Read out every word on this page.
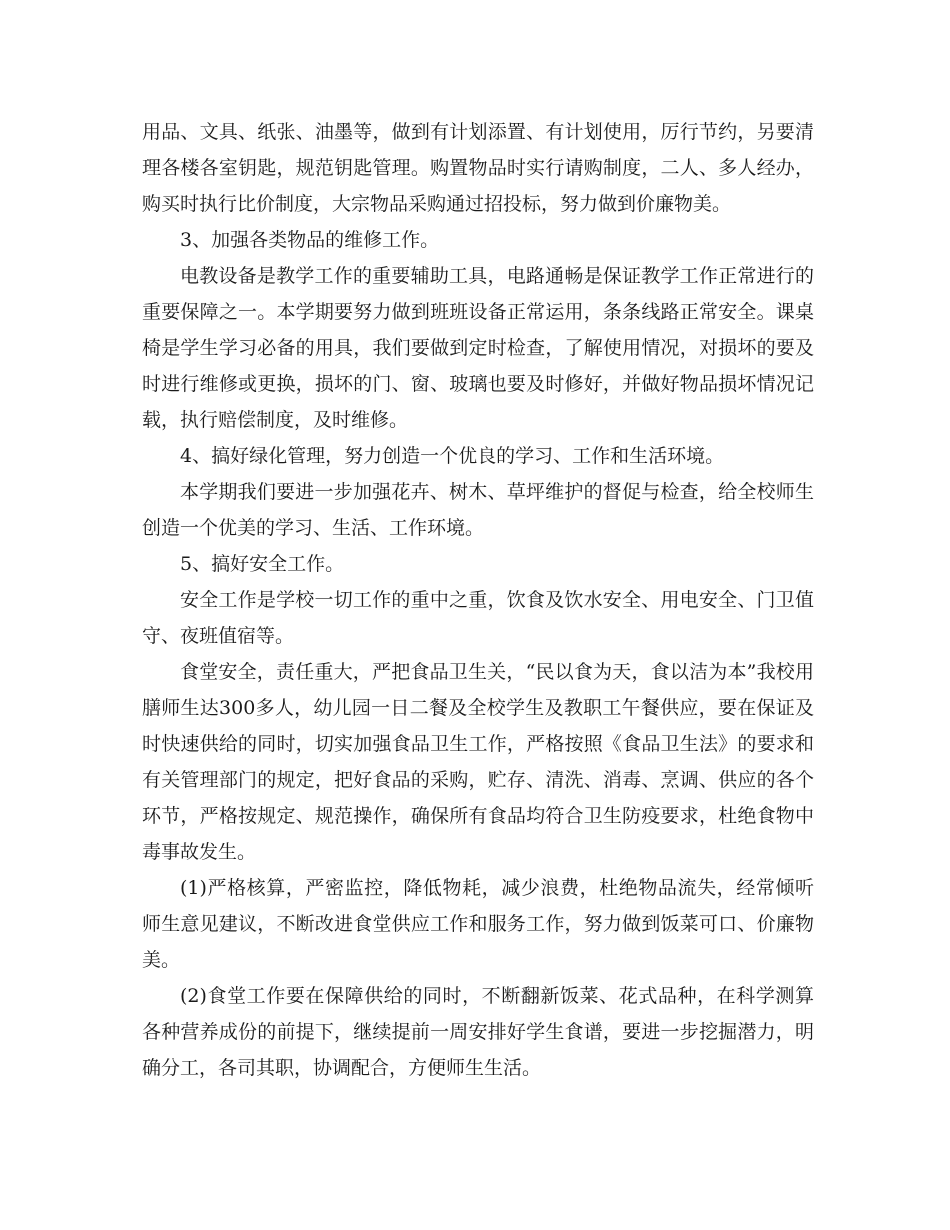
用品、文具、纸张、油墨等，做到有计划添置、有计划使用，厉行节约，另要清理各楼各室钥匙，规范钥匙管理。购置物品时实行请购制度，二人、多人经办，购买时执行比价制度，大宗物品采购通过招投标，努力做到价廉物美。

3、加强各类物品的维修工作。

电教设备是教学工作的重要辅助工具，电路通畅是保证教学工作正常进行的重要保障之一。本学期要努力做到班班设备正常运用，条条线路正常安全。课桌椅是学生学习必备的用具，我们要做到定时检查，了解使用情况，对损坏的要及时进行维修或更换，损坏的门、窗、玻璃也要及时修好，并做好物品损坏情况记载，执行赔偿制度，及时维修。

4、搞好绿化管理，努力创造一个优良的学习、工作和生活环境。

本学期我们要进一步加强花卉、树木、草坪维护的督促与检查，给全校师生创造一个优美的学习、生活、工作环境。

5、搞好安全工作。

安全工作是学校一切工作的重中之重，饮食及饮水安全、用电安全、门卫值守、夜班值宿等。

食堂安全，责任重大，严把食品卫生关，“民以食为天，食以洁为本”我校用膳师生达300多人，幼儿园一日二餐及全校学生及教职工午餐供应，要在保证及时快速供给的同时，切实加强食品卫生工作，严格按照《食品卫生法》的要求和有关管理部门的规定，把好食品的采购，贮存、清洗、消毒、烹调、供应的各个环节，严格按规定、规范操作，确保所有食品均符合卫生防疫要求，杜绝食物中毒事故发生。

(1)严格核算，严密监控，降低物耗，减少浪费，杜绝物品流失，经常倾听师生意见建议，不断改进食堂供应工作和服务工作，努力做到饭菜可口、价廉物美。

(2)食堂工作要在保障供给的同时，不断翻新饭菜、花式品种，在科学测算各种营养成份的前提下，继续提前一周安排好学生食谱，要进一步挖掘潜力，明确分工，各司其职，协调配合，方便师生生活。
